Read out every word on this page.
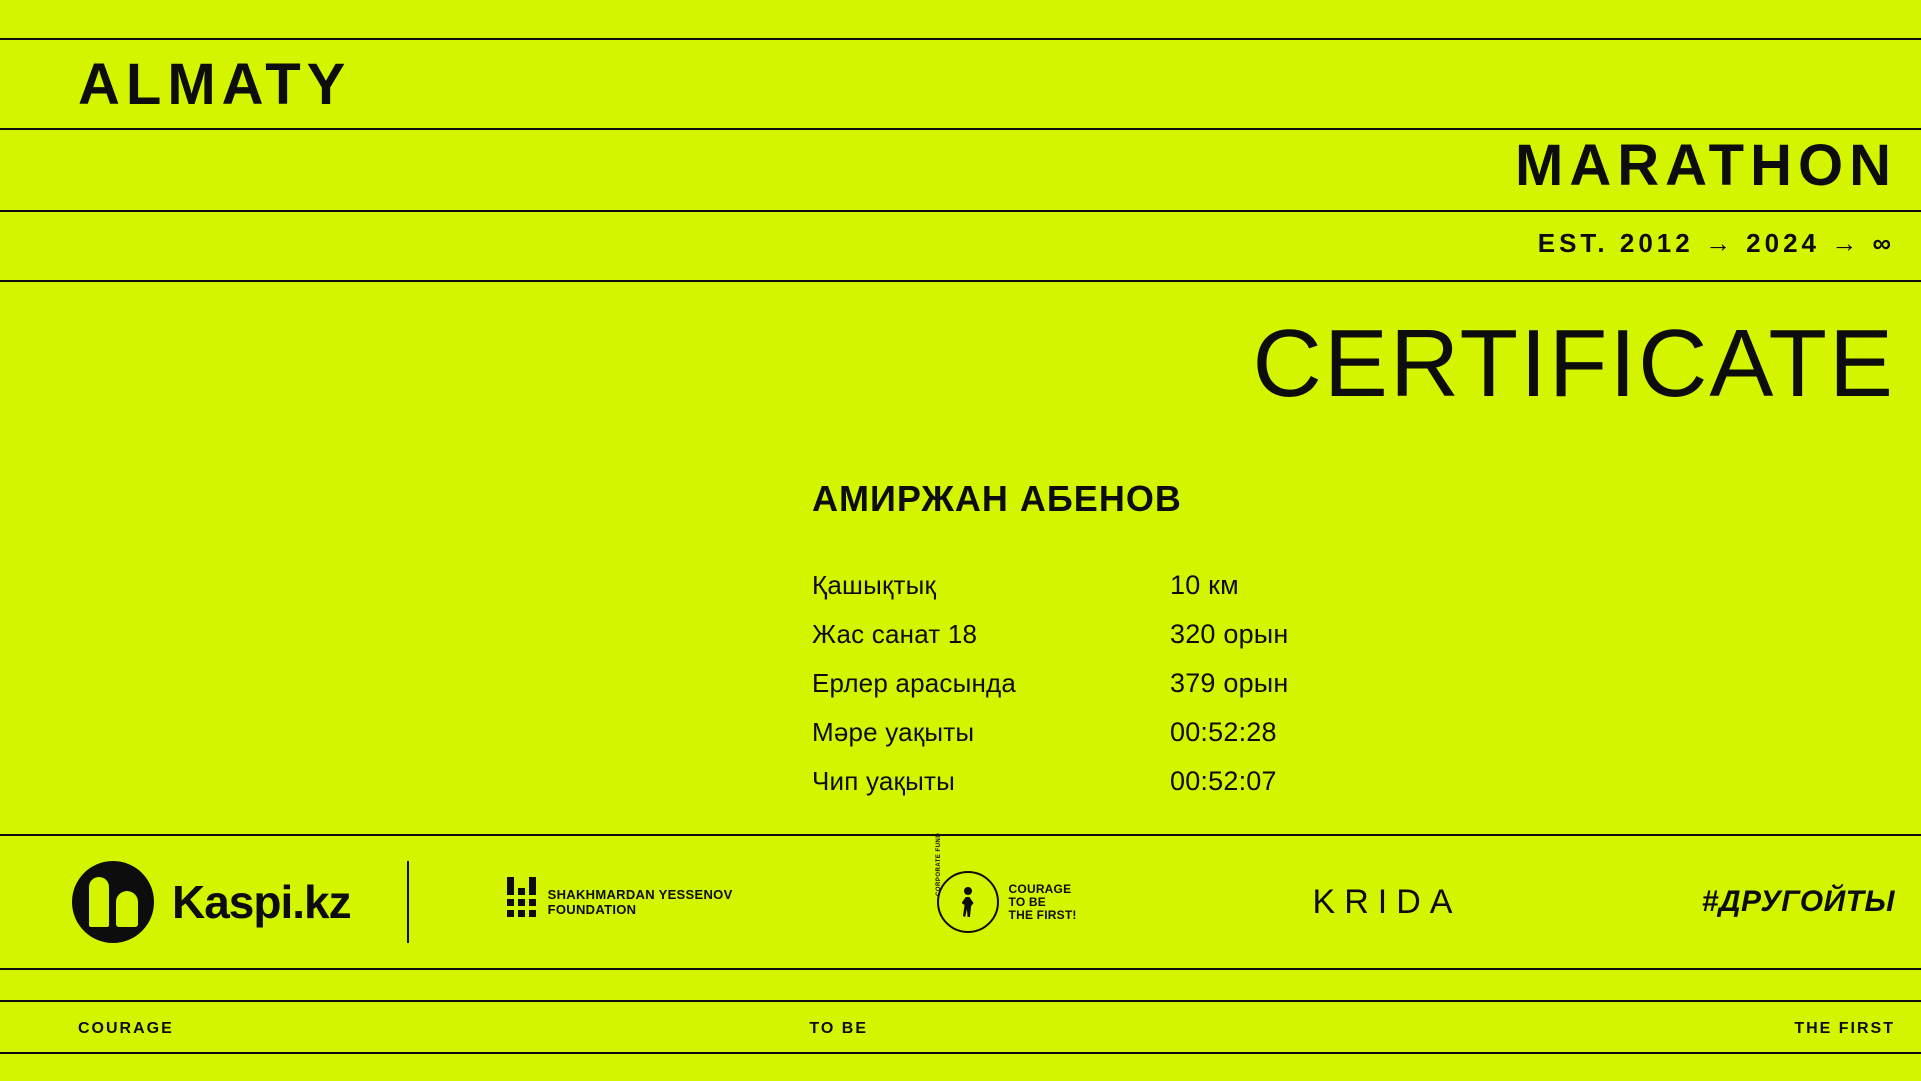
ALMATY
MARATHON
EST. 2012 → 2024 → ∞
CERTIFICATE
АМИРЖАН АБЕНОВ
Қашықтық	10 км
Жас санат 18	320 орын
Ерлер арасында	379 орын
Мәре уақыты	00:52:28
Чип уақыты	00:52:07
Kaspi.kz	SHAKHMARDAN YESSENOV
FOUNDATION
CORPORATE FUND	COURAGE
TO BE
THE FIRST!	KRIDA	#ДРУГОЙТЫ
COURAGE	TO BE	THE FIRST
